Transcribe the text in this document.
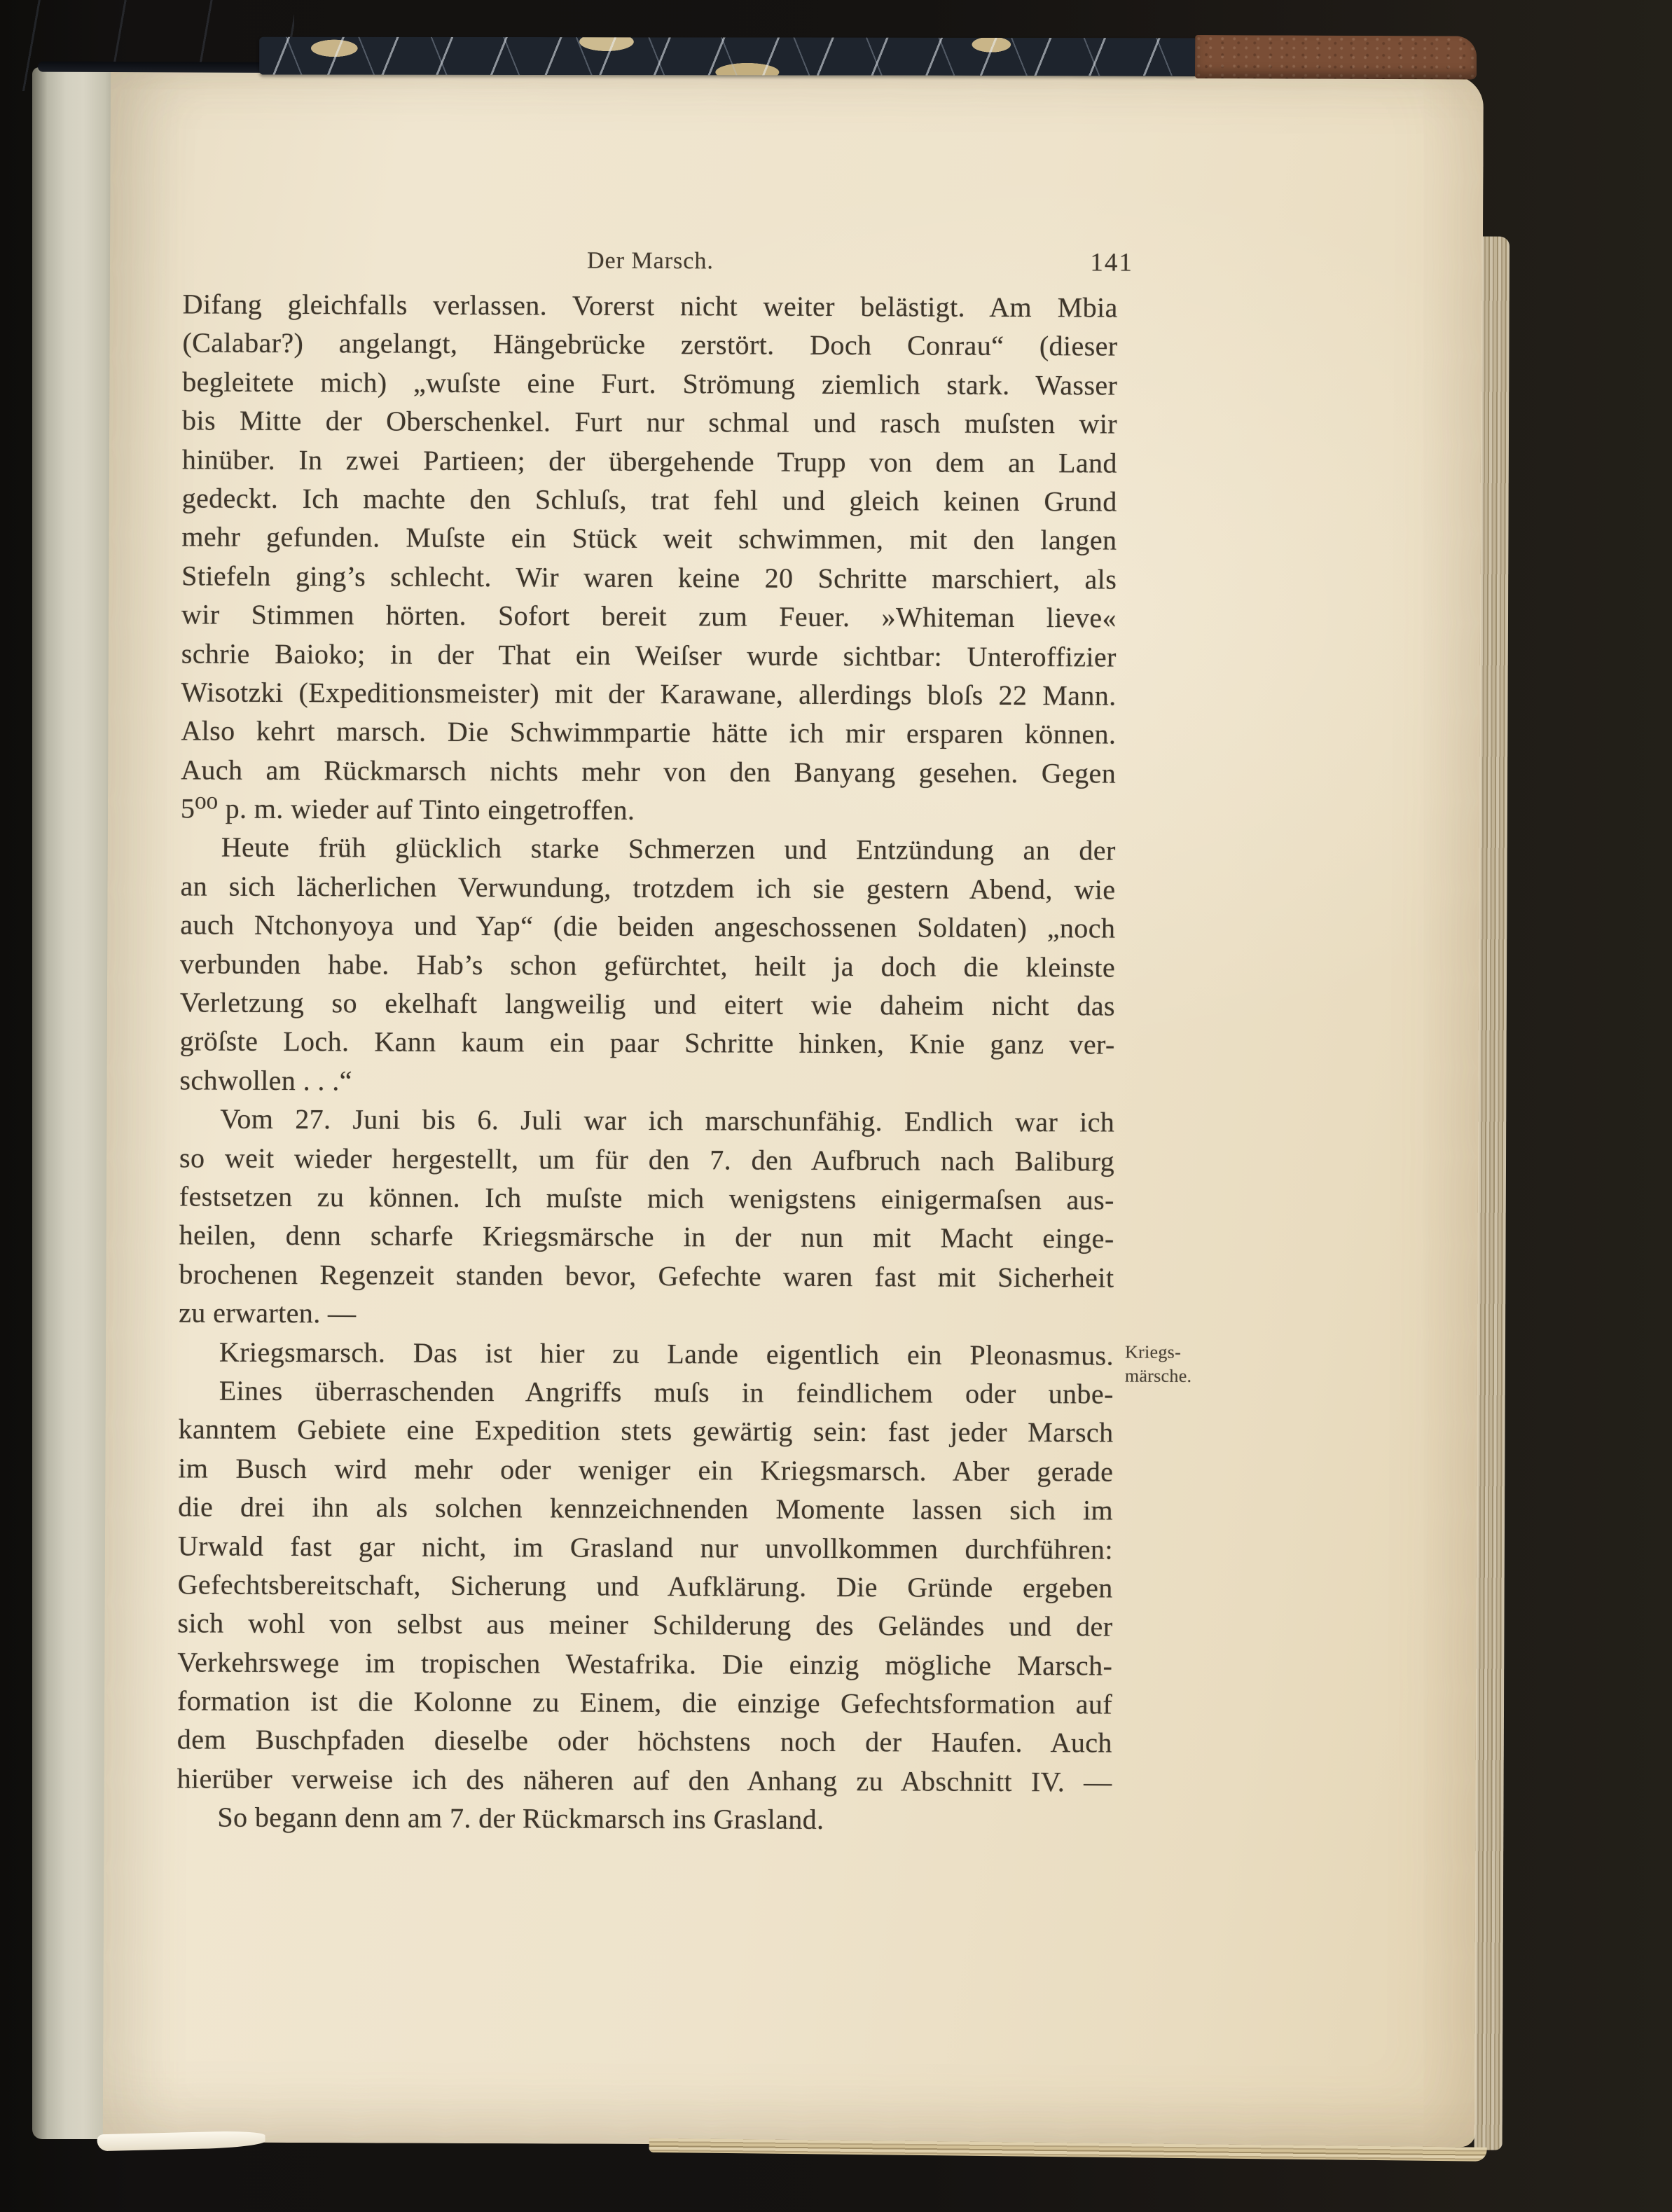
Der Marsch.	141
Kriegs-märsche.
Difang gleichfalls verlassen. Vorerst nicht weiter belästigt. Am Mbia
(Calabar?) angelangt, Hängebrücke zerstört. Doch Conrau“ (dieser
begleitete mich) „wuſste eine Furt. Strömung ziemlich stark. Wasser
bis Mitte der Oberschenkel. Furt nur schmal und rasch muſsten wir
hinüber. In zwei Partieen; der übergehende Trupp von dem an Land
gedeckt. Ich machte den Schluſs, trat fehl und gleich keinen Grund
mehr gefunden. Muſste ein Stück weit schwimmen, mit den langen
Stiefeln ging’s schlecht. Wir waren keine 20 Schritte marschiert, als
wir Stimmen hörten. Sofort bereit zum Feuer. »Whiteman lieve«
schrie Baioko; in der That ein Weiſser wurde sichtbar: Unteroffizier
Wisotzki (Expeditionsmeister) mit der Karawane, allerdings bloſs 22 Mann.
Also kehrt marsch. Die Schwimmpartie hätte ich mir ersparen können.
Auch am Rückmarsch nichts mehr von den Banyang gesehen. Gegen
5⁰⁰ p. m. wieder auf Tinto eingetroffen.
Heute früh glücklich starke Schmerzen und Entzündung an der
an sich lächerlichen Verwundung, trotzdem ich sie gestern Abend, wie
auch Ntchonyoya und Yap“ (die beiden angeschossenen Soldaten) „noch
verbunden habe. Hab’s schon gefürchtet, heilt ja doch die kleinste
Verletzung so ekelhaft langweilig und eitert wie daheim nicht das
gröſste Loch. Kann kaum ein paar Schritte hinken, Knie ganz ver-
schwollen . . .“
Vom 27. Juni bis 6. Juli war ich marschunfähig. Endlich war ich
so weit wieder hergestellt, um für den 7. den Aufbruch nach Baliburg
festsetzen zu können. Ich muſste mich wenigstens einigermaſsen aus-
heilen, denn scharfe Kriegsmärsche in der nun mit Macht einge-
brochenen Regenzeit standen bevor, Gefechte waren fast mit Sicherheit
zu erwarten. —
Kriegsmarsch. Das ist hier zu Lande eigentlich ein Pleonasmus.
Eines überraschenden Angriffs muſs in feindlichem oder unbe-
kanntem Gebiete eine Expedition stets gewärtig sein: fast jeder Marsch
im Busch wird mehr oder weniger ein Kriegsmarsch. Aber gerade
die drei ihn als solchen kennzeichnenden Momente lassen sich im
Urwald fast gar nicht, im Grasland nur unvollkommen durchführen:
Gefechtsbereitschaft, Sicherung und Aufklärung. Die Gründe ergeben
sich wohl von selbst aus meiner Schilderung des Geländes und der
Verkehrswege im tropischen Westafrika. Die einzig mögliche Marsch-
formation ist die Kolonne zu Einem, die einzige Gefechtsformation auf
dem Buschpfaden dieselbe oder höchstens noch der Haufen. Auch
hierüber verweise ich des näheren auf den Anhang zu Abschnitt IV. —
So begann denn am 7. der Rückmarsch ins Grasland.
